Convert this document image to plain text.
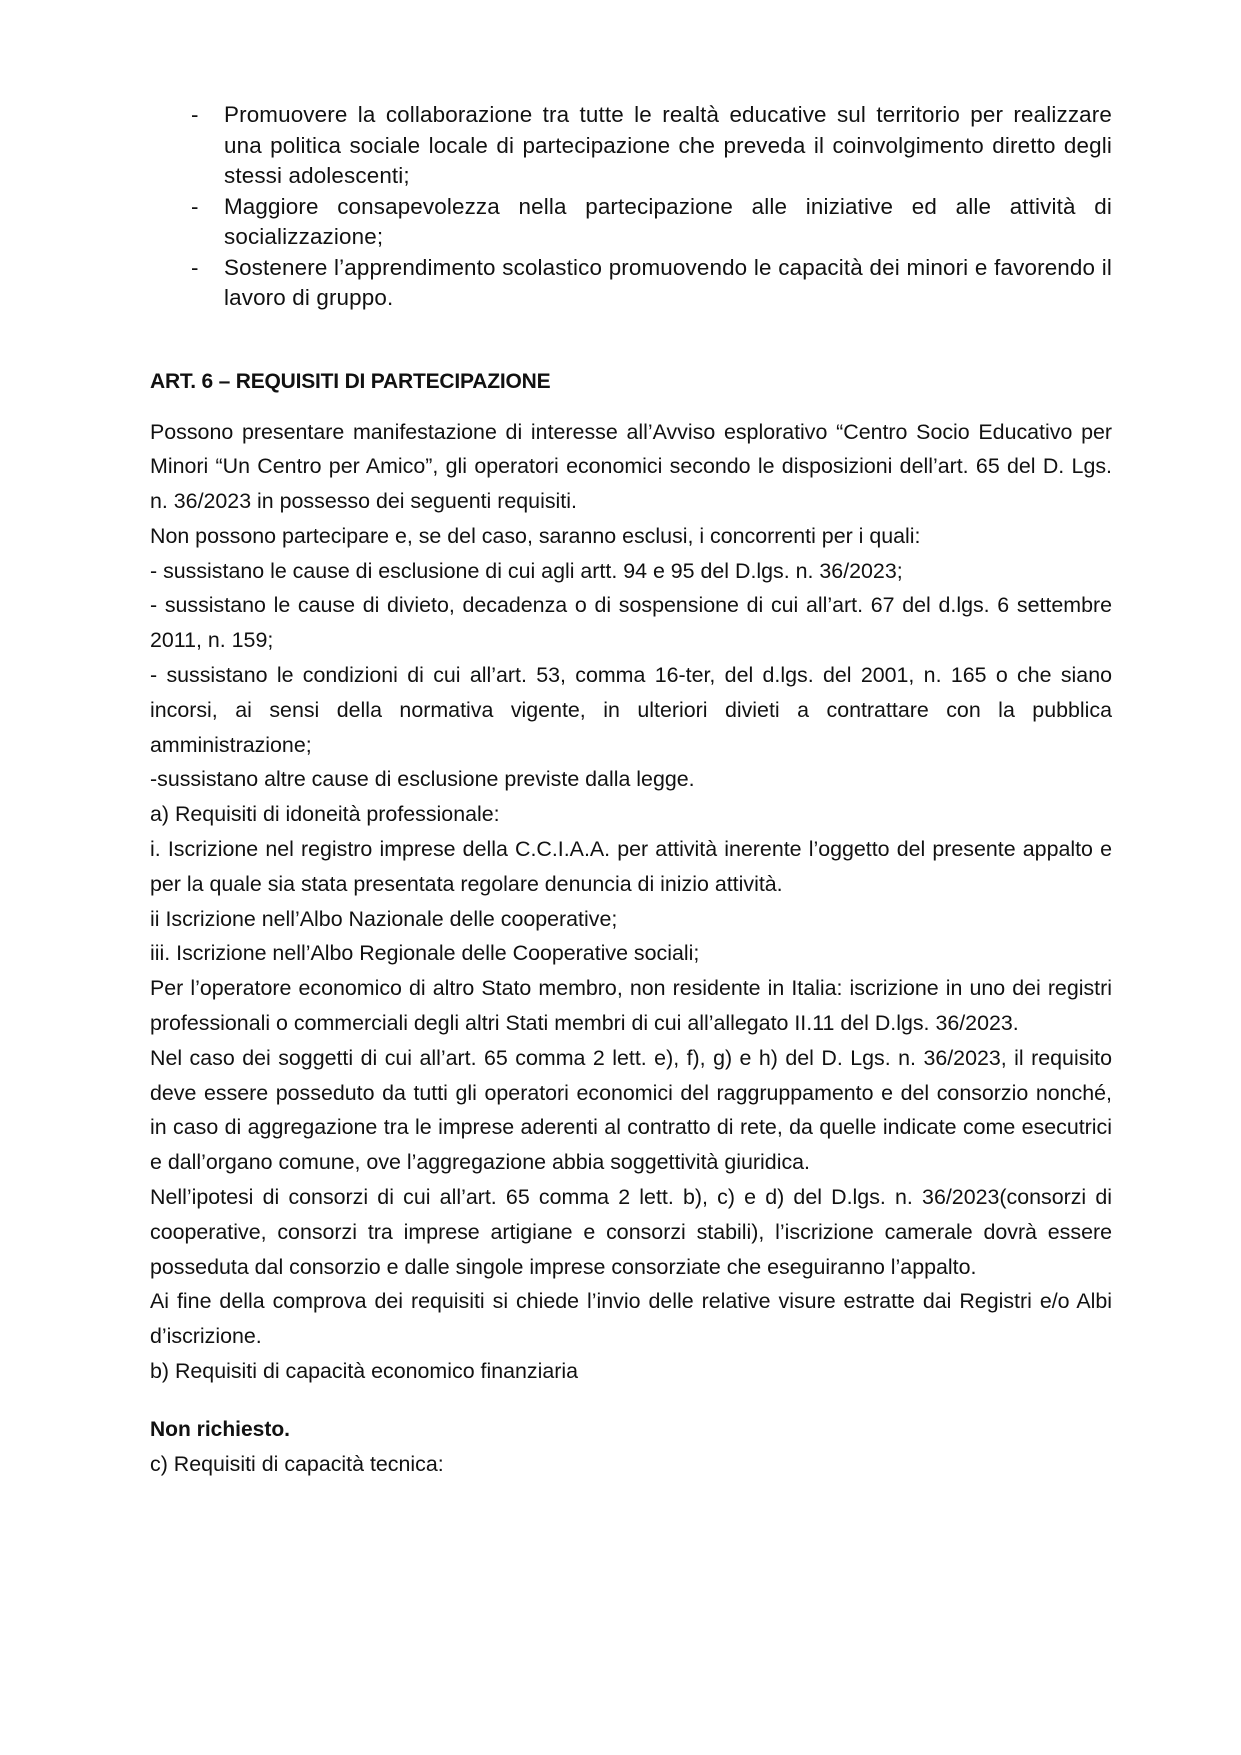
- Promuovere la collaborazione tra tutte le realtà educative sul territorio per realizzare una politica sociale locale di partecipazione che preveda il coinvolgimento diretto degli stessi adolescenti;
- Maggiore consapevolezza nella partecipazione alle iniziative ed alle attività di socializzazione;
- Sostenere l’apprendimento scolastico promuovendo le capacità dei minori e favorendo il lavoro di gruppo.
ART. 6 – REQUISITI DI PARTECIPAZIONE

Possono presentare manifestazione di interesse all’Avviso esplorativo “Centro Socio Educativo per Minori “Un Centro per Amico”, gli operatori economici secondo le disposizioni dell’art. 65 del D. Lgs. n. 36/2023 in possesso dei seguenti requisiti.

Non possono partecipare e, se del caso, saranno esclusi, i concorrenti per i quali:

- sussistano le cause di esclusione di cui agli artt. 94 e 95 del D.lgs. n. 36/2023;

- sussistano le cause di divieto, decadenza o di sospensione di cui all’art. 67 del d.lgs. 6 settembre 2011, n. 159;

- sussistano le condizioni di cui all’art. 53, comma 16-ter, del d.lgs. del 2001, n. 165 o che siano incorsi, ai sensi della normativa vigente, in ulteriori divieti a contrattare con la pubblica amministrazione;

-sussistano altre cause di esclusione previste dalla legge.

a) Requisiti di idoneità professionale:

i. Iscrizione nel registro imprese della C.C.I.A.A. per attività inerente l’oggetto del presente appalto e per la quale sia stata presentata regolare denuncia di inizio attività.

ii Iscrizione nell’Albo Nazionale delle cooperative;

iii. Iscrizione nell’Albo Regionale delle Cooperative sociali;

Per l’operatore economico di altro Stato membro, non residente in Italia: iscrizione in uno dei registri professionali o commerciali degli altri Stati membri di cui all’allegato II.11 del D.lgs. 36/2023.

Nel caso dei soggetti di cui all’art. 65 comma 2 lett. e), f), g) e h) del D. Lgs. n. 36/2023, il requisito deve essere posseduto da tutti gli operatori economici del raggruppamento e del consorzio nonché, in caso di aggregazione tra le imprese aderenti al contratto di rete, da quelle indicate come esecutrici e dall’organo comune, ove l’aggregazione abbia soggettività giuridica.

Nell’ipotesi di consorzi di cui all’art. 65 comma 2 lett. b), c) e d) del D.lgs. n. 36/2023(consorzi di cooperative, consorzi tra imprese artigiane e consorzi stabili), l’iscrizione camerale dovrà essere posseduta dal consorzio e dalle singole imprese consorziate che eseguiranno l’appalto.

Ai fine della comprova dei requisiti si chiede l’invio delle relative visure estratte dai Registri e/o Albi d’iscrizione.

b) Requisiti di capacità economico finanziaria

Non richiesto.

c) Requisiti di capacità tecnica:
